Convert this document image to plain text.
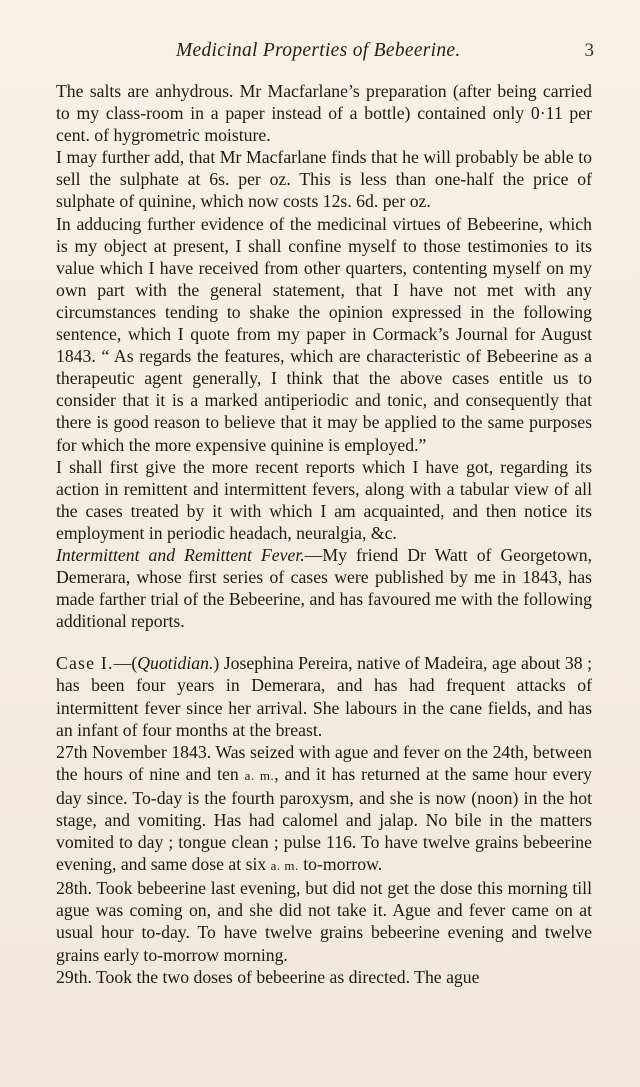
Medicinal Properties of Bebeerine.	3

The salts are anhydrous. Mr Macfarlane’s preparation (after being carried to my class-room in a paper instead of a bottle) contained only 0·11 per cent. of hygrometric moisture.

I may further add, that Mr Macfarlane finds that he will probably be able to sell the sulphate at 6s. per oz. This is less than one-half the price of sulphate of quinine, which now costs 12s. 6d. per oz.

In adducing further evidence of the medicinal virtues of Bebeerine, which is my object at present, I shall confine myself to those testimonies to its value which I have received from other quarters, contenting myself on my own part with the general statement, that I have not met with any circumstances tending to shake the opinion expressed in the following sentence, which I quote from my paper in Cormack’s Journal for August 1843. “ As regards the features, which are characteristic of Bebeerine as a therapeutic agent generally, I think that the above cases entitle us to consider that it is a marked antiperiodic and tonic, and consequently that there is good reason to believe that it may be applied to the same purposes for which the more expensive quinine is employed.”

I shall first give the more recent reports which I have got, regarding its action in remittent and intermittent fevers, along with a tabular view of all the cases treated by it with which I am acquainted, and then notice its employment in periodic headach, neuralgia, &c.

Intermittent and Remittent Fever.—My friend Dr Watt of Georgetown, Demerara, whose first series of cases were published by me in 1843, has made farther trial of the Bebeerine, and has favoured me with the following additional reports.

Case I.—(Quotidian.) Josephina Pereira, native of Madeira, age about 38 ; has been four years in Demerara, and has had frequent attacks of intermittent fever since her arrival. She labours in the cane fields, and has an infant of four months at the breast.

27th November 1843. Was seized with ague and fever on the 24th, between the hours of nine and ten a. m., and it has returned at the same hour every day since. To-day is the fourth paroxysm, and she is now (noon) in the hot stage, and vomiting. Has had calomel and jalap. No bile in the matters vomited to day ; tongue clean ; pulse 116. To have twelve grains bebeerine evening, and same dose at six a. m. to-morrow.

28th. Took bebeerine last evening, but did not get the dose this morning till ague was coming on, and she did not take it. Ague and fever came on at usual hour to-day. To have twelve grains bebeerine evening and twelve grains early to-morrow morning.

29th. Took the two doses of bebeerine as directed. The ague
